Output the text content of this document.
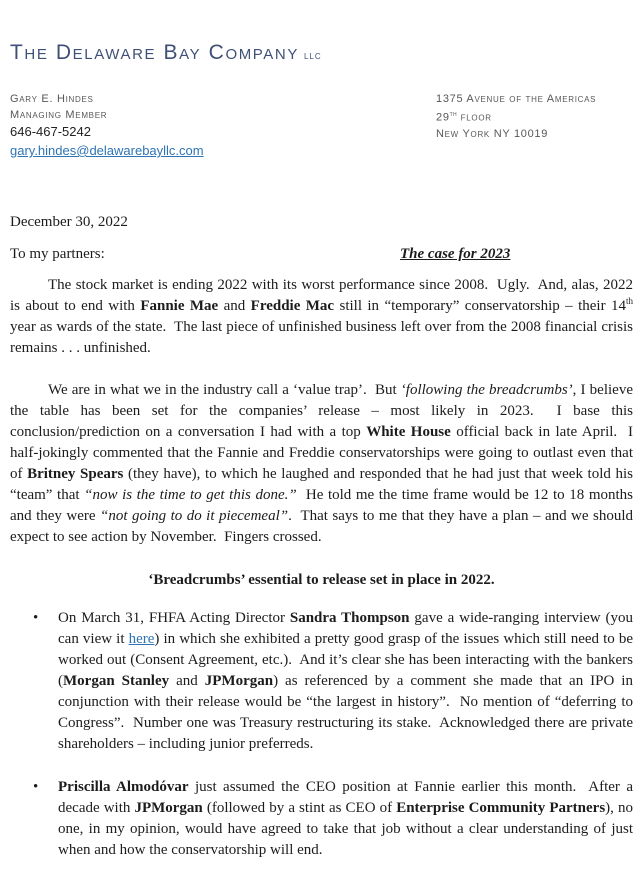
The Delaware Bay Company llc
Gary E. Hindes
Managing Member
646-467-5242
gary.hindes@delawarebayllc.com
1375 Avenue of the Americas
29th floor
New York NY 10019

December 30, 2022

To my partners:	The case for 2023

The stock market is ending 2022 with its worst performance since 2008.  Ugly.  And, alas, 2022 is about to end with Fannie Mae and Freddie Mac still in “temporary” conservatorship – their 14th year as wards of the state.  The last piece of unfinished business left over from the 2008 financial crisis remains . . . unfinished.

We are in what we in the industry call a ‘value trap’.  But ‘following the breadcrumbs’, I believe the table has been set for the companies’ release – most likely in 2023.  I base this conclusion/prediction on a conversation I had with a top White House official back in late April.  I half-jokingly commented that the Fannie and Freddie conservatorships were going to outlast even that of Britney Spears (they have), to which he laughed and responded that he had just that week told his “team” that “now is the time to get this done.”  He told me the time frame would be 12 to 18 months and they were “not going to do it piecemeal”.  That says to me that they have a plan – and we should expect to see action by November.  Fingers crossed.

‘Breadcrumbs’ essential to release set in place in 2022.
• On March 31, FHFA Acting Director Sandra Thompson gave a wide-ranging interview (you can view it here) in which she exhibited a pretty good grasp of the issues which still need to be worked out (Consent Agreement, etc.).  And it’s clear she has been interacting with the bankers (Morgan Stanley and JPMorgan) as referenced by a comment she made that an IPO in conjunction with their release would be “the largest in history”.  No mention of “deferring to Congress”.  Number one was Treasury restructuring its stake.  Acknowledged there are private shareholders – including junior preferreds.
• Priscilla Almodóvar just assumed the CEO position at Fannie earlier this month.  After a decade with JPMorgan (followed by a stint as CEO of Enterprise Community Partners), no one, in my opinion, would have agreed to take that job without a clear understanding of just when and how the conservatorship will end.
